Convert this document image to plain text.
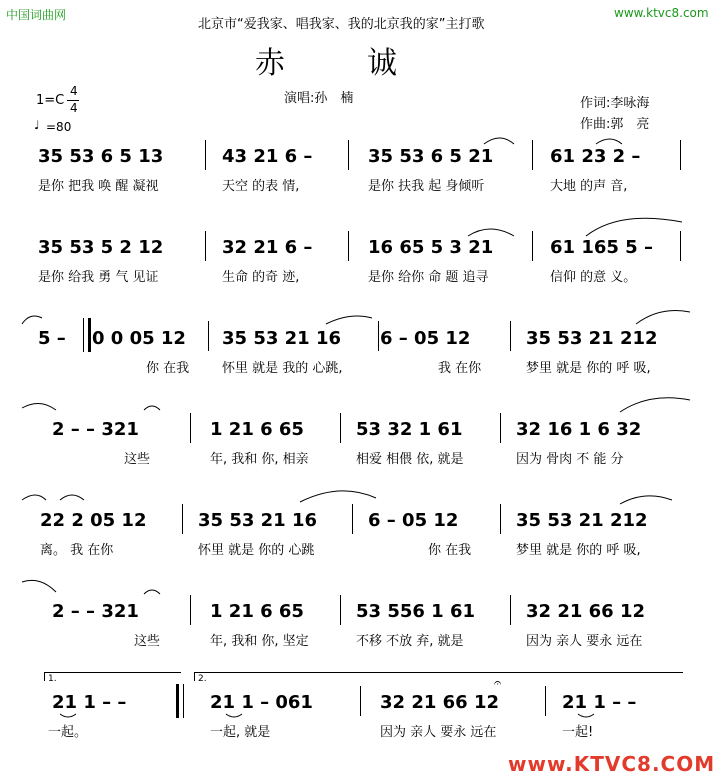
中国词曲网	www.ktvc8.com
北京市“爱我家、唱我家、我的北京我的家”主打歌
赤　诚
1=C
4
4
♩ =80
演唱:孙　楠	作词:李咏海
作曲:郭　亮
35 53 6 5 13	43 21 6 –	35 53 6 5 21	61 23 2 –
是你 把我 唤 醒 凝视	天空 的表 情,	是你 扶我 起 身倾听	大地 的声 音,
35 53 5 2 12	32 21 6 –	16 65 5 3 21	61 165 5 –
是你 给我 勇 气 见证	生命 的奇 迹,	是你 给你 命 题 追寻	信仰 的意 义。
5 – 0 0 05 12 35 53 21 16 6 – 05 12	35 53 21 212
你 在我	怀里 就是 我的 心跳,	我 在你	梦里 就是 你的 呼 吸,
2 – – 321	1 21 6 65	53 32 1 61	32 16 1 6 32
这些	年, 我和 你, 相亲	相爱 相偎 依, 就是	因为 骨肉 不 能 分
22 2 05 12	35 53 21 16	6 – 05 12	35 53 21 212
离。 我 在你	怀里 就是 你的 心跳	你 在我	梦里 就是 你的 呼 吸,
2 – – 321	1 21 6 65	53 556 1 61	32 21 66 12
这些	年, 我和 你, 坚定	不移 不放 弃, 就是	因为 亲人 要永 远在
1.	2.
21 1 – –	21 1 – 061	32 21 66 12	21 1 – –
一起。	一起, 就是	因为 亲人 要永 远在	一起!
𝄐
www.KTVC8.COM
